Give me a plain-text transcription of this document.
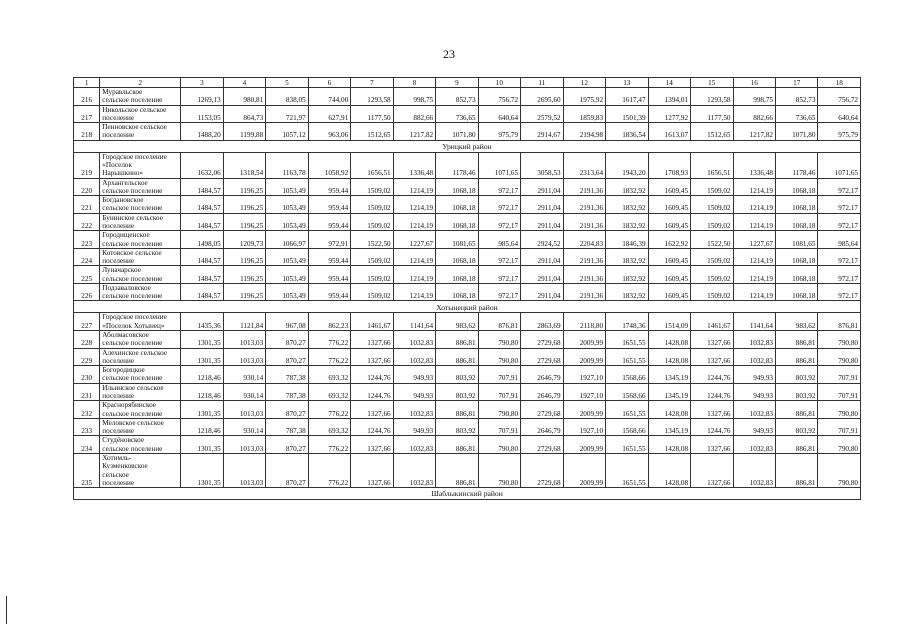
23
1	2	3	4	5	6	7	8	9	10	11	12	13	14	15	16	17	18
216	Муравльское
сельское поселение	1269,13	980,81	838,05	744,00	1293,58	998,75	852,73	756,72	2695,60	1975,92	1617,47	1394,01	1293,58	998,75	852,73	756,72
217	Никольское сельское
поселение	1153,05	864,73	721,97	627,91	1177,50	882,66	736,65	640,64	2579,52	1859,83	1501,39	1277,92	1177,50	882,66	736,65	640,64
218	Пенновское сельское
поселение	1488,20	1199,88	1057,12	963,06	1512,65	1217,82	1071,80	975,79	2914,67	2194,98	1836,54	1613,07	1512,65	1217,82	1071,80	975,79
Урицкий район																	
219	Городское поселение
«Поселок
Нарышкино»	1632,06	1318,54	1163,78	1058,92	1656,51	1336,48	1178,46	1071,65	3058,53	2313,64	1943,20	1708,93	1656,51	1336,48	1178,46	1071,65
220	Архангельское
сельское поселение	1484,57	1196,25	1053,49	959,44	1509,02	1214,19	1068,18	972,17	2911,04	2191,36	1832,92	1609,45	1509,02	1214,19	1068,18	972,17
221	Богдановское
сельское поселение	1484,57	1196,25	1053,49	959,44	1509,02	1214,19	1068,18	972,17	2911,04	2191,36	1832,92	1609,45	1509,02	1214,19	1068,18	972,17
222	Бунинское сельское
поселение	1484,57	1196,25	1053,49	959,44	1509,02	1214,19	1068,18	972,17	2911,04	2191,36	1832,92	1609,45	1509,02	1214,19	1068,18	972,17
223	Городищенское
сельское поселение	1498,05	1209,73	1066,97	972,91	1522,50	1227,67	1081,65	985,64	2924,52	2204,83	1846,39	1622,92	1522,50	1227,67	1081,65	985,64
224	Котовское сельское
поселение	1484,57	1196,25	1053,49	959,44	1509,02	1214,19	1068,18	972,17	2911,04	2191,36	1832,92	1609,45	1509,02	1214,19	1068,18	972,17
225	Луначарское
сельское поселение	1484,57	1196,25	1053,49	959,44	1509,02	1214,19	1068,18	972,17	2911,04	2191,36	1832,92	1609,45	1509,02	1214,19	1068,18	972,17
226	Подзаваловское
сельское поселение	1484,57	1196,25	1053,49	959,44	1509,02	1214,19	1068,18	972,17	2911,04	2191,36	1832,92	1609,45	1509,02	1214,19	1068,18	972,17
Хотынецкий район																	
227	Городское поселение
«Поселок Хотынец»	1435,36	1121,84	967,08	862,23	1461,67	1141,64	983,62	876,81	2863,69	2118,80	1748,36	1514,09	1461,67	1141,64	983,62	876,81
228	Аболмасовское
сельское поселение	1301,35	1013,03	870,27	776,22	1327,66	1032,83	886,81	790,80	2729,68	2009,99	1651,55	1428,08	1327,66	1032,83	886,81	790,80
229	Алехинское сельское
поселение	1301,35	1013,03	870,27	776,22	1327,66	1032,83	886,81	790,80	2729,68	2009,99	1651,55	1428,08	1327,66	1032,83	886,81	790,80
230	Богородицкое
сельское поселение	1218,46	930,14	787,38	693,32	1244,76	949,93	803,92	707,91	2646,79	1927,10	1568,66	1345,19	1244,76	949,93	803,92	707,91
231	Ильинское сельское
поселение	1218,46	930,14	787,38	693,32	1244,76	949,93	803,92	707,91	2646,79	1927,10	1568,66	1345,19	1244,76	949,93	803,92	707,91
232	Краснорябинское
сельское поселение	1301,35	1013,03	870,27	776,22	1327,66	1032,83	886,81	790,80	2729,68	2009,99	1651,55	1428,08	1327,66	1032,83	886,81	790,80
233	Меловское сельское
поселение	1218,46	930,14	787,38	693,32	1244,76	949,93	803,92	707,91	2646,79	1927,10	1568,66	1345,19	1244,76	949,93	803,92	707,91
234	Студёновское
сельское поселение	1301,35	1013,03	870,27	776,22	1327,66	1032,83	886,81	790,80	2729,68	2009,99	1651,55	1428,08	1327,66	1032,83	886,81	790,80
235	Хотимль-
Кузменковское
сельское
поселение	1301,35	1013,03	870,27	776,22	1327,66	1032,83	886,81	790,80	2729,68	2009,99	1651,55	1428,08	1327,66	1032,83	886,81	790,80
Шаблыкинский район																	
